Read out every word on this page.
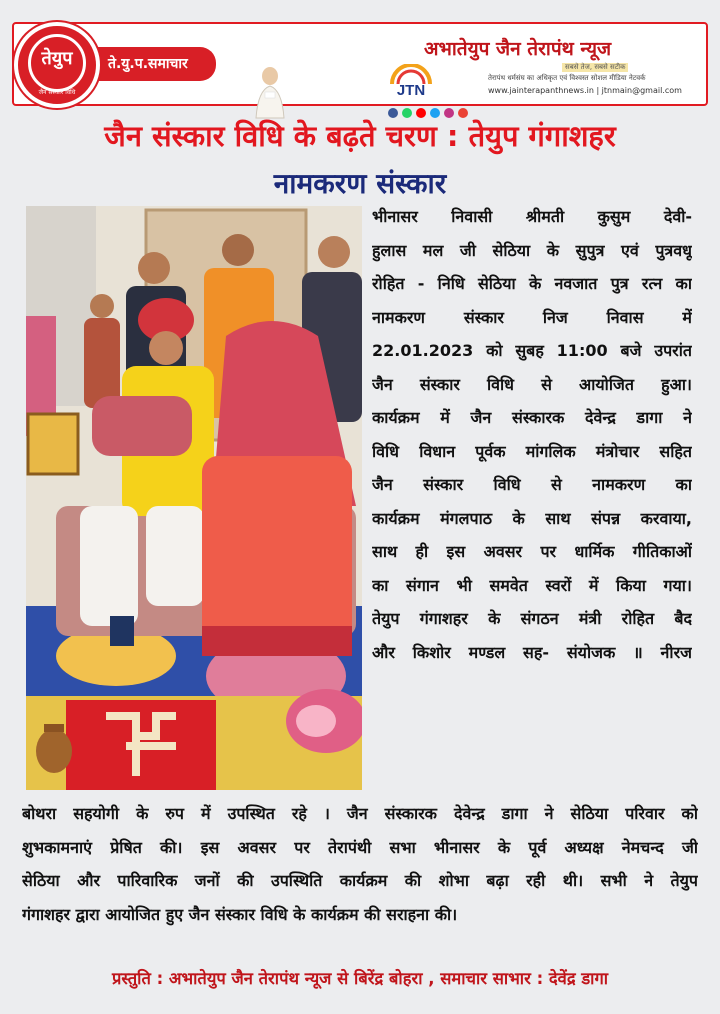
JTN
अभातेयुप जैन तेरापंथ न्यूज
सबसे तेज, सबसे सटीक
तेरापंथ धर्मसंघ का अधिकृत एवं विश्वस्त सोशल मीडिया नेटवर्क
www.jainterapanthnews.in | jtnmain@gmail.com
तेयुप
जैन संस्कार विधि
ते.यु.प.समाचार
जैन संस्कार विधि के बढ़ते चरण : तेयुप गंगाशहर
नामकरण संस्कार
भीनासर निवासी श्रीमती कुसुम देवी-
हुलास मल जी सेठिया के सुपुत्र एवं पुत्रवधू
रोहित - निधि सेठिया के नवजात पुत्र रत्न का
नामकरण संस्कार निज निवास में
22.01.2023 को सुबह 11:00 बजे उपरांत
जैन संस्कार विधि से आयोजित हुआ।
कार्यक्रम में जैन संस्कारक देवेन्द्र डागा ने
विधि विधान पूर्वक मांगलिक मंत्रोचार सहित
जैन संस्कार विधि से नामकरण का
कार्यक्रम मंगलपाठ के साथ संपन्न करवाया,
साथ ही इस अवसर पर धार्मिक गीतिकाओं
का संगान भी समवेत स्वरों में किया गया।
तेयुप गंगाशहर के संगठन मंत्री रोहित बैद
और किशोर मण्डल सह- संयोजक ॥ नीरज
बोथरा सहयोगी के रुप में उपस्थित रहे । जैन संस्कारक देवेन्द्र डागा ने सेठिया परिवार को
शुभकामनाएं प्रेषित की। इस अवसर पर तेरापंथी सभा भीनासर के पूर्व अध्यक्ष नेमचन्द जी
सेठिया और पारिवारिक जनों की उपस्थिति कार्यक्रम की शोभा बढ़ा रही थी। सभी ने तेयुप
गंगाशहर द्वारा आयोजित हुए जैन संस्कार विधि के कार्यक्रम की सराहना की।
प्रस्तुति : अभातेयुप जैन तेरापंथ न्यूज से बिरेंद्र बोहरा , समाचार साभार : देवेंद्र डागा
